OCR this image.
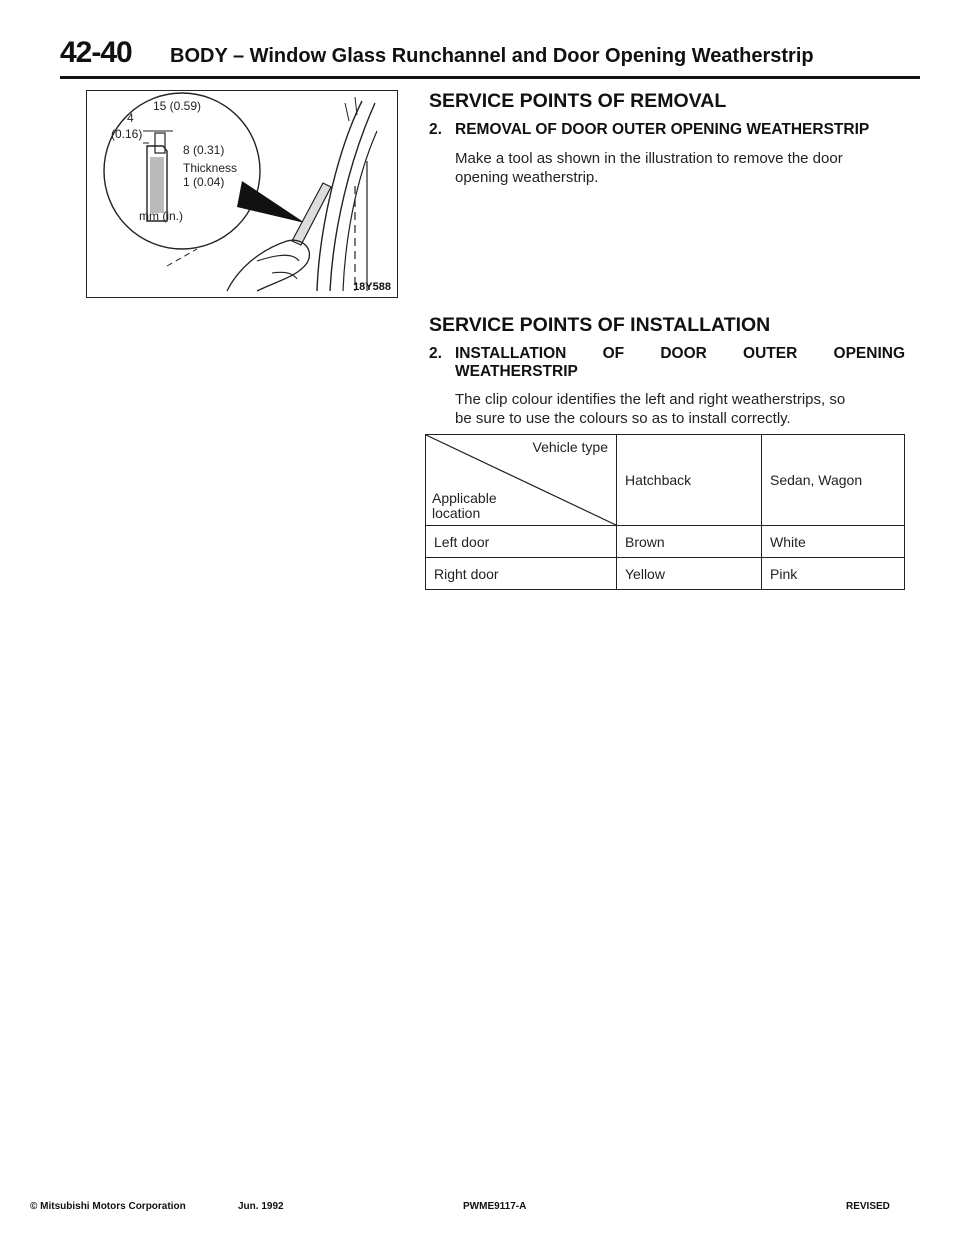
42-40 BODY – Window Glass Runchannel and Door Opening Weatherstrip
15 (0.59)
4
(0.16)
8 (0.31)
Thickness
1 (0.04)
mm (in.)
18Y588
SERVICE POINTS OF REMOVAL
2. REMOVAL OF DOOR OUTER OPENING WEATHERSTRIP
Make a tool as shown in the illustration to remove the door
opening weatherstrip.
SERVICE POINTS OF INSTALLATION
2. INSTALLATION OF DOOR OUTER OPENING
WEATHERSTRIP
The clip colour identifies the left and right weatherstrips, so
be sure to use the colours so as to install correctly.
Vehicle type
Applicable
location	Hatchback	Sedan, Wagon
Left door	Brown	White
Right door	Yellow	Pink
© Mitsubishi Motors Corporation	Jun. 1992	PWME9117-A	REVISED
